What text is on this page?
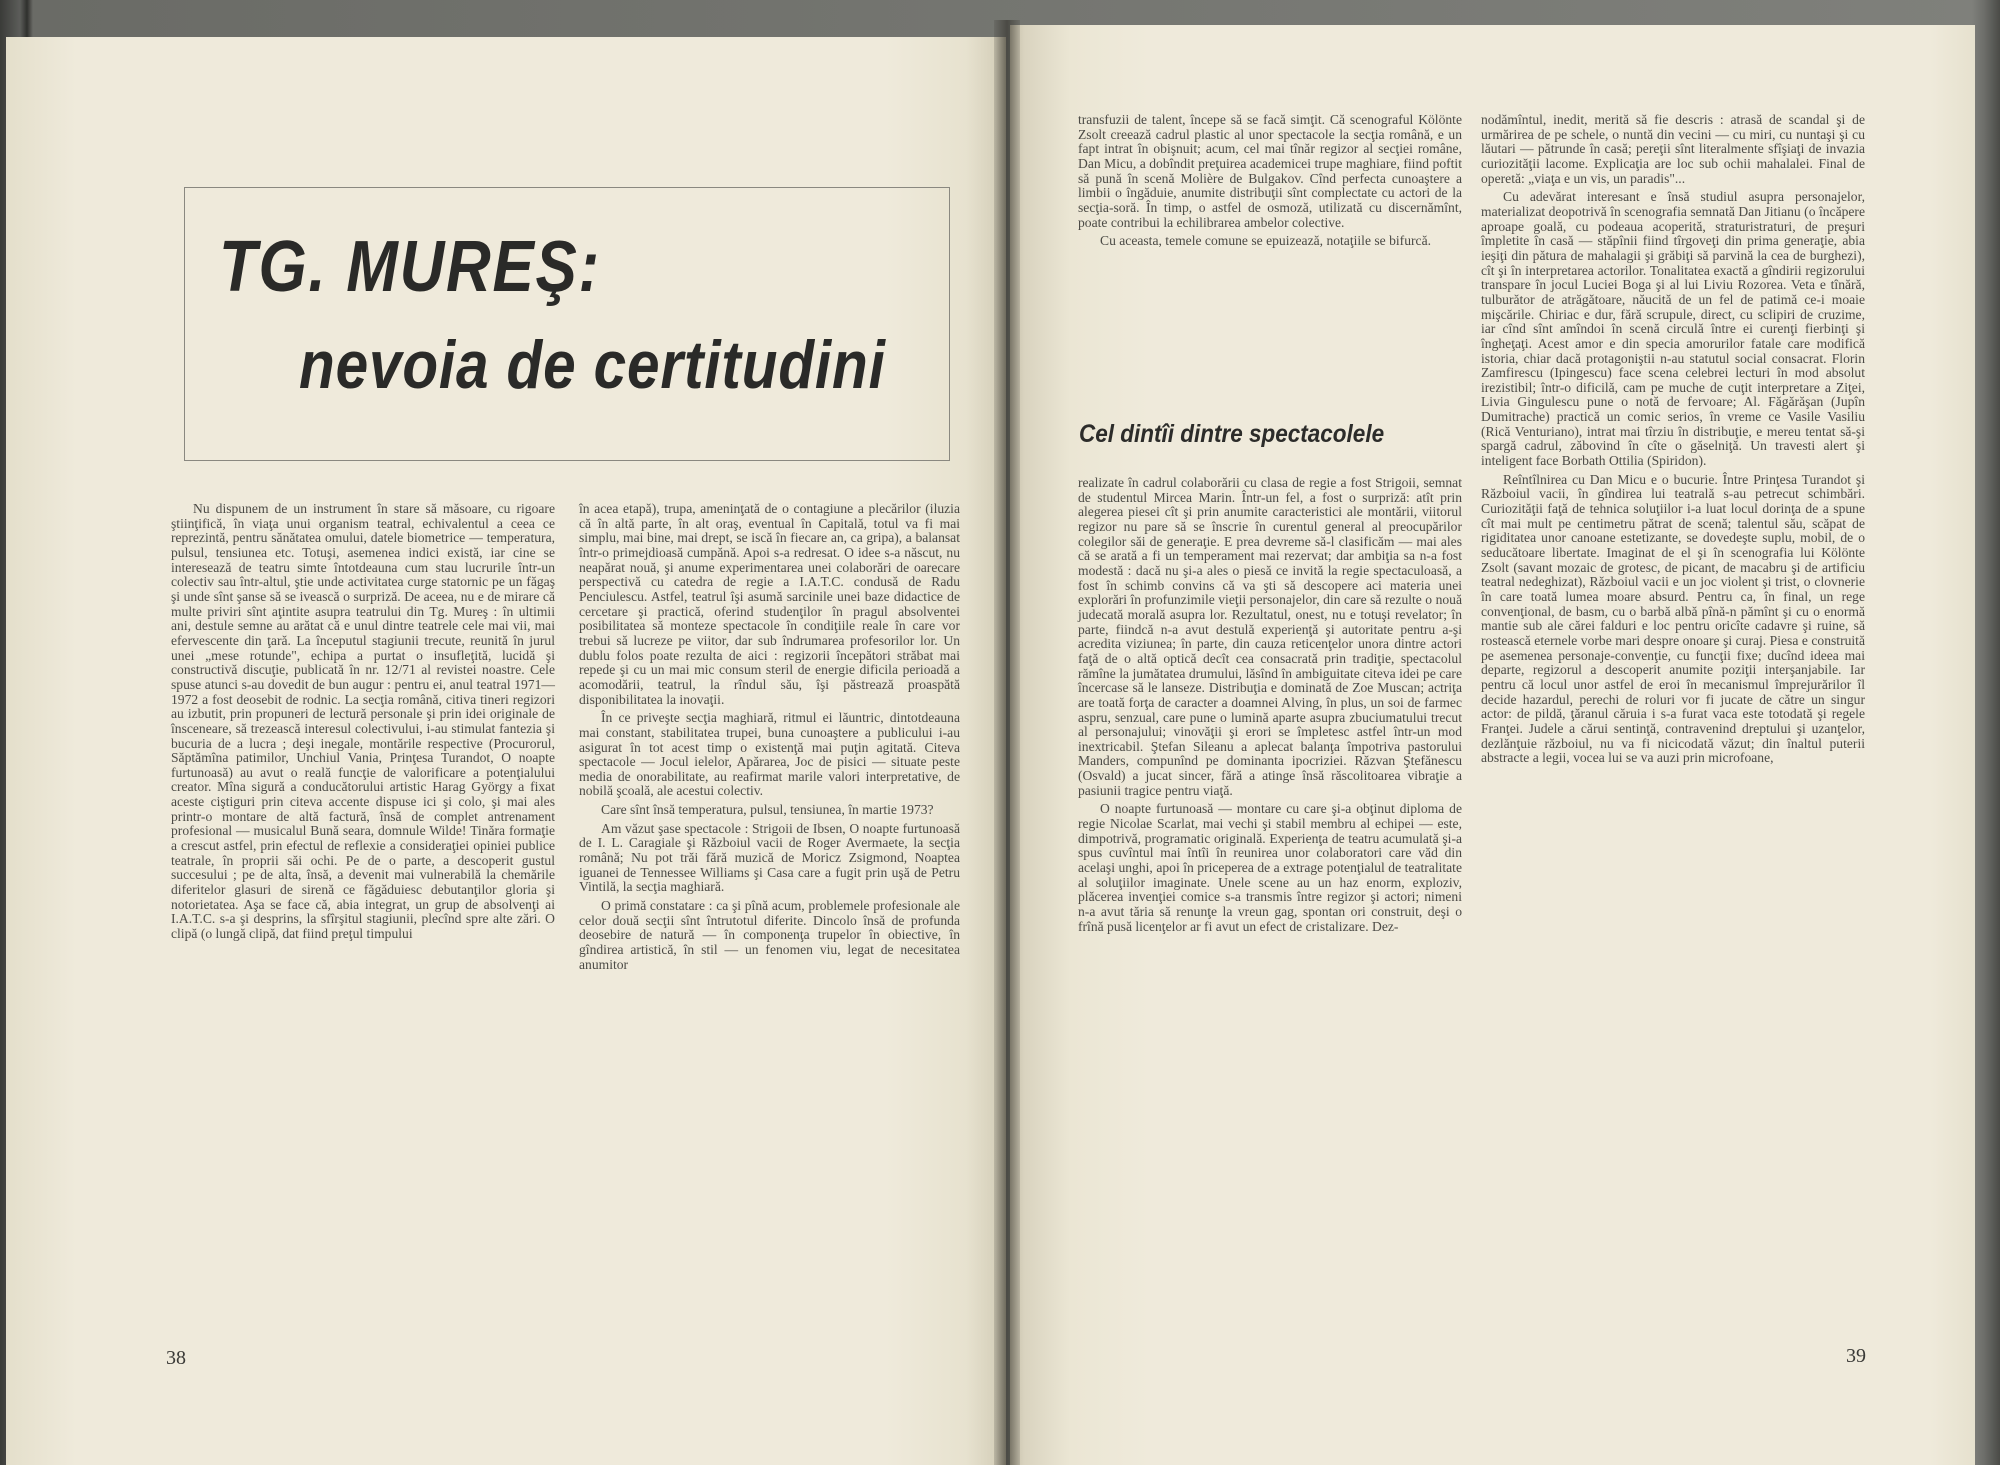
TG. MUREŞ:
nevoia de certitudini

Nu dispunem de un instrument în stare să măsoare, cu rigoare ştiinţifică, în viaţa unui organism teatral, echivalentul a ceea ce reprezintă, pentru sănătatea omului, datele biometrice — temperatura, pulsul, tensiunea etc. Totuşi, asemenea indici există, iar cine se interesează de teatru simte întotdeauna cum stau lucrurile într-un colectiv sau într-altul, ştie unde activitatea curge statornic pe un făgaş şi unde sînt şanse să se ivească o surpriză. De aceea, nu e de mirare că multe priviri sînt aţintite asupra teatrului din Tg. Mureş : în ultimii ani, destule semne au arătat că e unul dintre teatrele cele mai vii, mai efervescente din ţară. La începutul stagiunii trecute, reunită în jurul unei „mese rotunde", echipa a purtat o insufleţită, lucidă şi constructivă discuţie, publicată în nr. 12/71 al revistei noastre. Cele spuse atunci s-au dovedit de bun augur : pentru ei, anul teatral 1971—1972 a fost deosebit de rodnic. La secţia română, citiva tineri regizori au izbutit, prin propuneri de lectură personale şi prin idei originale de însceneare, să trezească interesul colectivului, i-au stimulat fantezia şi bucuria de a lucra ; deşi inegale, montările respective (Procurorul, Săptămîna patimilor, Unchiul Vania, Prinţesa Turandot, O noapte furtunoasă) au avut o reală funcţie de valorificare a potenţialului creator. Mîna sigură a conducătorului artistic Harag György a fixat aceste ciştiguri prin citeva accente dispuse ici şi colo, şi mai ales printr-o montare de altă factură, însă de complet antrenament profesional — musicalul Bună seara, domnule Wilde! Tinăra formaţie a crescut astfel, prin efectul de reflexie a consideraţiei opiniei publice teatrale, în proprii săi ochi. Pe de o parte, a descoperit gustul succesului ; pe de alta, însă, a devenit mai vulnerabilă la chemările diferitelor glasuri de sirenă ce făgăduiesc debutanţilor gloria şi notorietatea. Aşa se face că, abia integrat, un grup de absolvenţi ai I.A.T.C. s-a şi desprins, la sfîrşitul stagiunii, plecînd spre alte zări. O clipă (o lungă clipă, dat fiind preţul timpului

în acea etapă), trupa, ameninţată de o contagiune a plecărilor (iluzia că în altă parte, în alt oraş, eventual în Capitală, totul va fi mai simplu, mai bine, mai drept, se iscă în fiecare an, ca gripa), a balansat într-o primejdioasă cumpănă. Apoi s-a redresat. O idee s-a născut, nu neapărat nouă, şi anume experimentarea unei colaborări de oarecare perspectivă cu catedra de regie a I.A.T.C. condusă de Radu Penciulescu. Astfel, teatrul îşi asumă sarcinile unei baze didactice de cercetare şi practică, oferind studenţilor în pragul absolventei posibilitatea să monteze spectacole în condiţiile reale în care vor trebui să lucreze pe viitor, dar sub îndrumarea profesorilor lor. Un dublu folos poate rezulta de aici : regizorii începători străbat mai repede şi cu un mai mic consum steril de energie dificila perioadă a acomodării, teatrul, la rîndul său, îşi păstrează proaspătă disponibilitatea la inovaţii.

În ce priveşte secţia maghiară, ritmul ei lăuntric, dintotdeauna mai constant, stabilitatea trupei, buna cunoaştere a publicului i-au asigurat în tot acest timp o existenţă mai puţin agitată. Citeva spectacole — Jocul ielelor, Apărarea, Joc de pisici — situate peste media de onorabilitate, au reafirmat marile valori interpretative, de nobilă şcoală, ale acestui colectiv.

Care sînt însă temperatura, pulsul, tensiunea, în martie 1973?

Am văzut şase spectacole : Strigoii de Ibsen, O noapte furtunoasă de I. L. Caragiale şi Războiul vacii de Roger Avermaete, la secţia română; Nu pot trăi fără muzică de Moricz Zsigmond, Noaptea iguanei de Tennessee Williams şi Casa care a fugit prin uşă de Petru Vintilă, la secţia maghiară.

O primă constatare : ca şi pînă acum, problemele profesionale ale celor două secţii sînt întrutotul diferite. Dincolo însă de profunda deosebire de natură — în componenţa trupelor în obiective, în gîndirea artistică, în stil — un fenomen viu, legat de necesitatea anumitor

38

transfuzii de talent, începe să se facă simţit. Că scenograful Kölönte Zsolt creează cadrul plastic al unor spectacole la secţia română, e un fapt intrat în obişnuit; acum, cel mai tînăr regizor al secţiei române, Dan Micu, a dobîndit preţuirea academicei trupe maghiare, fiind poftit să pună în scenă Molière de Bulgakov. Cînd perfecta cunoaştere a limbii o îngăduie, anumite distribuţii sînt complectate cu actori de la secţia-soră. În timp, o astfel de osmoză, utilizată cu discernămînt, poate contribui la echilibrarea ambelor colective.

Cu aceasta, temele comune se epuizează, notaţiile se bifurcă.

Cel dintîi dintre spectacolele

realizate în cadrul colaborării cu clasa de regie a fost Strigoii, semnat de studentul Mircea Marin. Într-un fel, a fost o surpriză: atît prin alegerea piesei cît şi prin anumite caracteristici ale montării, viitorul regizor nu pare să se înscrie în curentul general al preocupărilor colegilor săi de generaţie. E prea devreme să-l clasificăm — mai ales că se arată a fi un temperament mai rezervat; dar ambiţia sa n-a fost modestă : dacă nu şi-a ales o piesă ce invită la regie spectaculoasă, a fost în schimb convins că va şti să descopere aci materia unei explorări în profunzimile vieţii personajelor, din care să rezulte o nouă judecată morală asupra lor. Rezultatul, onest, nu e totuşi revelator; în parte, fiindcă n-a avut destulă experienţă şi autoritate pentru a-şi acredita viziunea; în parte, din cauza reticenţelor unora dintre actori faţă de o altă optică decît cea consacrată prin tradiţie, spectacolul rămîne la jumătatea drumului, lăsînd în ambiguitate citeva idei pe care încercase să le lanseze. Distribuţia e dominată de Zoe Muscan; actriţa are toată forţa de caracter a doamnei Alving, în plus, un soi de farmec aspru, senzual, care pune o lumină aparte asupra zbuciumatului trecut al personajului; vinovăţii şi erori se împletesc astfel într-un mod inextricabil. Ştefan Sileanu a aplecat balanţa împotriva pastorului Manders, compunînd pe dominanta ipocriziei. Răzvan Ştefănescu (Osvald) a jucat sincer, fără a atinge însă răscolitoarea vibraţie a pasiunii tragice pentru viaţă.

O noapte furtunoasă — montare cu care şi-a obţinut diploma de regie Nicolae Scarlat, mai vechi şi stabil membru al echipei — este, dimpotrivă, programatic originală. Experienţa de teatru acumulată şi-a spus cuvîntul mai întîi în reunirea unor colaboratori care văd din acelaşi unghi, apoi în priceperea de a extrage potenţialul de teatralitate al soluţiilor imaginate. Unele scene au un haz enorm, exploziv, plăcerea invenţiei comice s-a transmis între regizor şi actori; nimeni n-a avut tăria să renunţe la vreun gag, spontan ori construit, deşi o frînă pusă licenţelor ar fi avut un efect de cristalizare. Dez-

nodămîntul, inedit, merită să fie descris : atrasă de scandal şi de urmărirea de pe schele, o nuntă din vecini — cu miri, cu nuntaşi şi cu lăutari — pătrunde în casă; pereţii sînt literalmente sfîşiaţi de invazia curiozităţii lacome. Explicaţia are loc sub ochii mahalalei. Final de operetă: „viaţa e un vis, un paradis"...

Cu adevărat interesant e însă studiul asupra personajelor, materializat deopotrivă în scenografia semnată Dan Jitianu (o încăpere aproape goală, cu podeaua acoperită, straturistraturi, de preşuri împletite în casă — stăpînii fiind tîrgoveţi din prima generaţie, abia ieşiţi din pătura de mahalagii şi grăbiţi să parvină la cea de burghezi), cît şi în interpretarea actorilor. Tonalitatea exactă a gîndirii regizorului transpare în jocul Luciei Boga şi al lui Liviu Rozorea. Veta e tînără, tulburător de atrăgătoare, năucită de un fel de patimă ce-i moaie mişcările. Chiriac e dur, fără scrupule, direct, cu sclipiri de cruzime, iar cînd sînt amîndoi în scenă circulă între ei curenţi fierbinţi şi îngheţaţi. Acest amor e din specia amorurilor fatale care modifică istoria, chiar dacă protagoniştii n-au statutul social consacrat. Florin Zamfirescu (Ipingescu) face scena celebrei lecturi în mod absolut irezistibil; într-o dificilă, cam pe muche de cuţit interpretare a Ziţei, Livia Gingulescu pune o notă de fervoare; Al. Făgărăşan (Jupîn Dumitrache) practică un comic serios, în vreme ce Vasile Vasiliu (Rică Venturiano), intrat mai tîrziu în distribuţie, e mereu tentat să-şi spargă cadrul, zăbovind în cîte o găselniţă. Un travesti alert şi inteligent face Borbath Ottilia (Spiridon).

Reîntîlnirea cu Dan Micu e o bucurie. Între Prinţesa Turandot şi Războiul vacii, în gîndirea lui teatrală s-au petrecut schimbări. Curiozităţii faţă de tehnica soluţiilor i-a luat locul dorinţa de a spune cît mai mult pe centimetru pătrat de scenă; talentul său, scăpat de rigiditatea unor canoane estetizante, se dovedeşte suplu, mobil, de o seducătoare libertate. Imaginat de el şi în scenografia lui Kölönte Zsolt (savant mozaic de grotesc, de picant, de macabru şi de artificiu teatral nedeghizat), Războiul vacii e un joc violent şi trist, o clovnerie în care toată lumea moare absurd. Pentru ca, în final, un rege convenţional, de basm, cu o barbă albă pînă-n pămînt şi cu o enormă mantie sub ale cărei falduri e loc pentru oricîte cadavre şi ruine, să rostească eternele vorbe mari despre onoare şi curaj. Piesa e construită pe asemenea personaje-convenţie, cu funcţii fixe; ducînd ideea mai departe, regizorul a descoperit anumite poziţii interşanjabile. Iar pentru că locul unor astfel de eroi în mecanismul împrejurărilor îl decide hazardul, perechi de roluri vor fi jucate de către un singur actor: de pildă, ţăranul căruia i s-a furat vaca este totodată şi regele Franţei. Judele a cărui sentinţă, contravenind dreptului şi uzanţelor, dezlănţuie războiul, nu va fi nicicodată văzut; din înaltul puterii abstracte a legii, vocea lui se va auzi prin microfoane,

39
